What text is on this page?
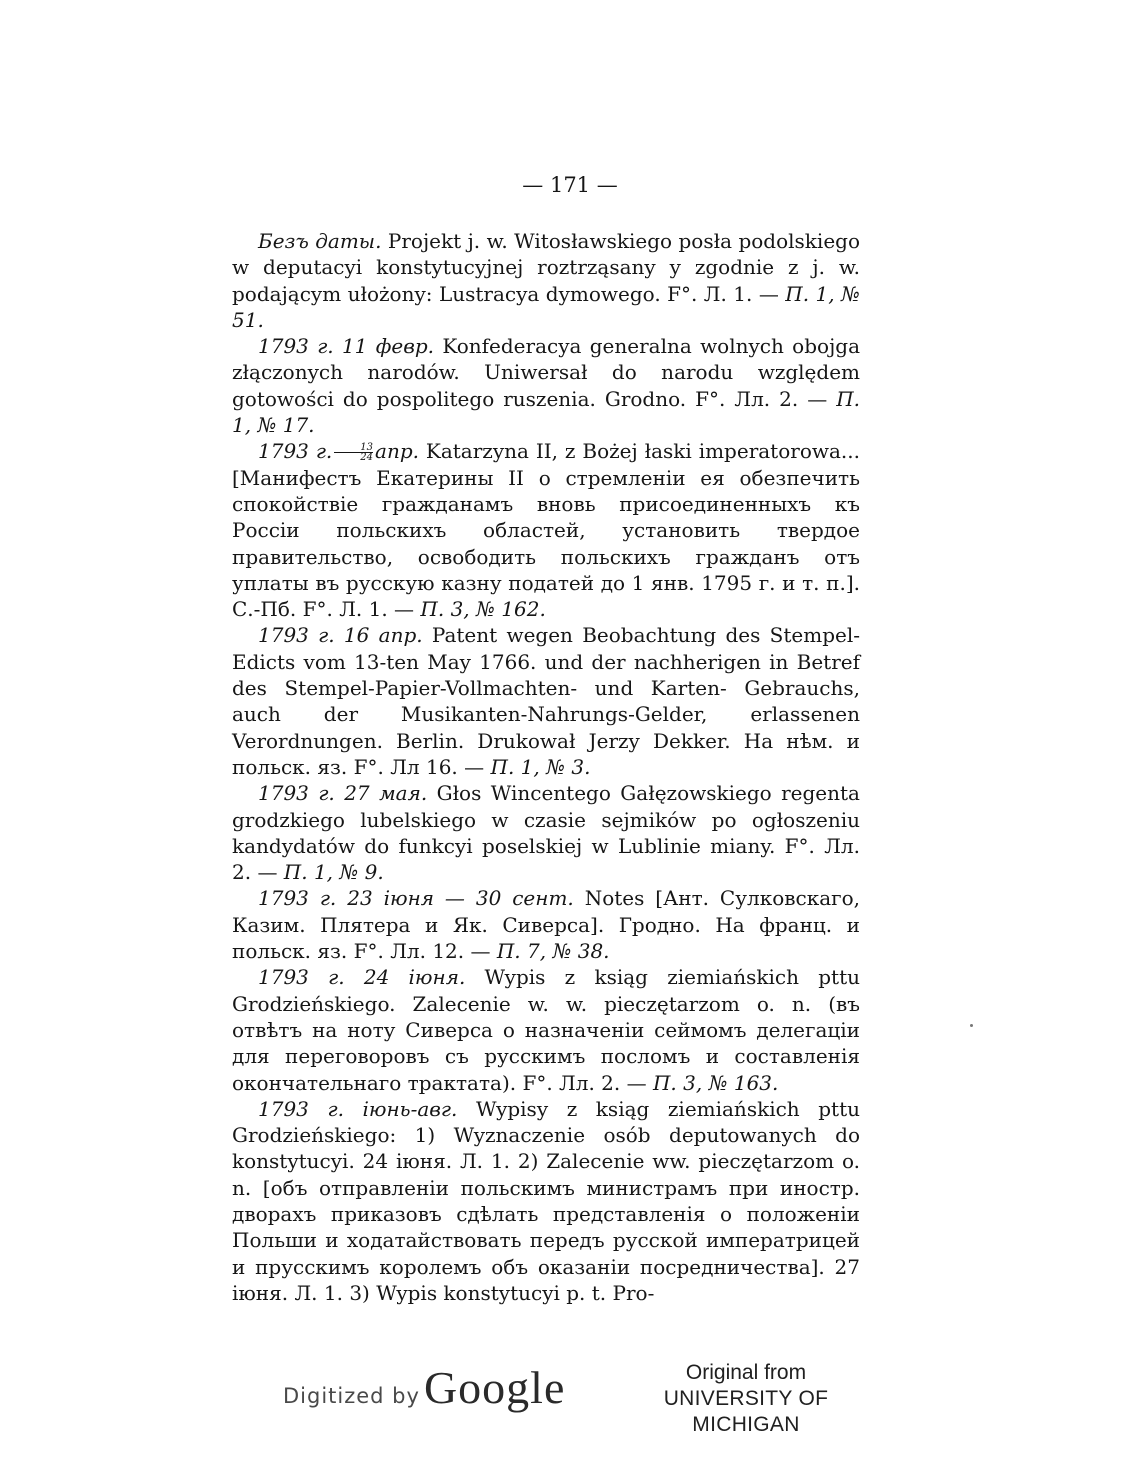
— 171 —

Безъ даты. Projekt j. w. Witosławskiego posła podolskiego w deputacyi konstytucyjnej roztrząsany y zgodnie z j. w. podającym ułożony: Lustracya dymowego. F°. Л. 1. — П. 1, № 51.

1793 г. 11 февр. Konfederacya generalna wolnych obojga złączonych narodów. Uniwersał do narodu względem gotowości do pospolitego ruszenia. Grodno. F°. Лл. 2. — П. 1, № 17.

1793 г. $\frac{13}{24}$ апр. Katarzyna II, z Bożej łaski imperatorowa... [Манифестъ Екатерины II о стремленіи ея обезпечить спокойствіе гражданамъ вновь присоединенныхъ къ Россіи польскихъ областей, установить твердое правительство, освободить польскихъ гражданъ отъ уплаты въ русскую казну податей до 1 янв. 1795 г. и т. п.]. С.-Пб. F°. Л. 1. — П. 3, № 162.

1793 г. 16 апр. Patent wegen Beobachtung des Stempel-Edicts vom 13-ten May 1766. und der nachherigen in Betref des Stempel-Papier-Vollmachten- und Karten- Gebrauchs, auch der Musikanten-Nahrungs-Gelder, erlassenen Verordnungen. Berlin. Drukował Jerzy Dekker. На нѣм. и польск. яз. F°. Лл 16. — П. 1, № 3.

1793 г. 27 мая. Głos Wincentego Gałęzowskiego regenta grodzkiego lubelskiego w czasie sejmików po ogłoszeniu kandydatów do funkcyi poselskiej w Lublinie miany. F°. Лл. 2. — П. 1, № 9.

1793 г. 23 іюня — 30 сент. Notes [Ант. Сулковскаго, Казим. Плятера и Як. Сиверса]. Гродно. На франц. и польск. яз. F°. Лл. 12. — П. 7, № 38.

1793 г. 24 іюня. Wypis z ksiąg ziemiańskich pttu Grodzieńskiego. Zalecenie w. w. pieczętarzom o. n. (въ отвѣтъ на ноту Сиверса о назначеніи сеймомъ делегаціи для переговоровъ съ русскимъ посломъ и составленія окончательнаго трактата). F°. Лл. 2. — П. 3, № 163.

1793 г. іюнь-авг. Wypisy z ksiąg ziemiańskich pttu Grodzieńskiego: 1) Wyznaczenie osób deputowanych do konstytucyi. 24 іюня. Л. 1. 2) Zalecenie ww. pieczętarzom o. n. [объ отправленіи польскимъ министрамъ при иностр. дворахъ приказовъ сдѣлать представленія о положеніи Польши и ходатайствовать передъ русской императрицей и прусскимъ королемъ объ оказаніи посредничества]. 27 іюня. Л. 1. 3) Wypis konstytucyi p. t. Pro-

Digitized by Google	Original from
UNIVERSITY OF MICHIGAN
